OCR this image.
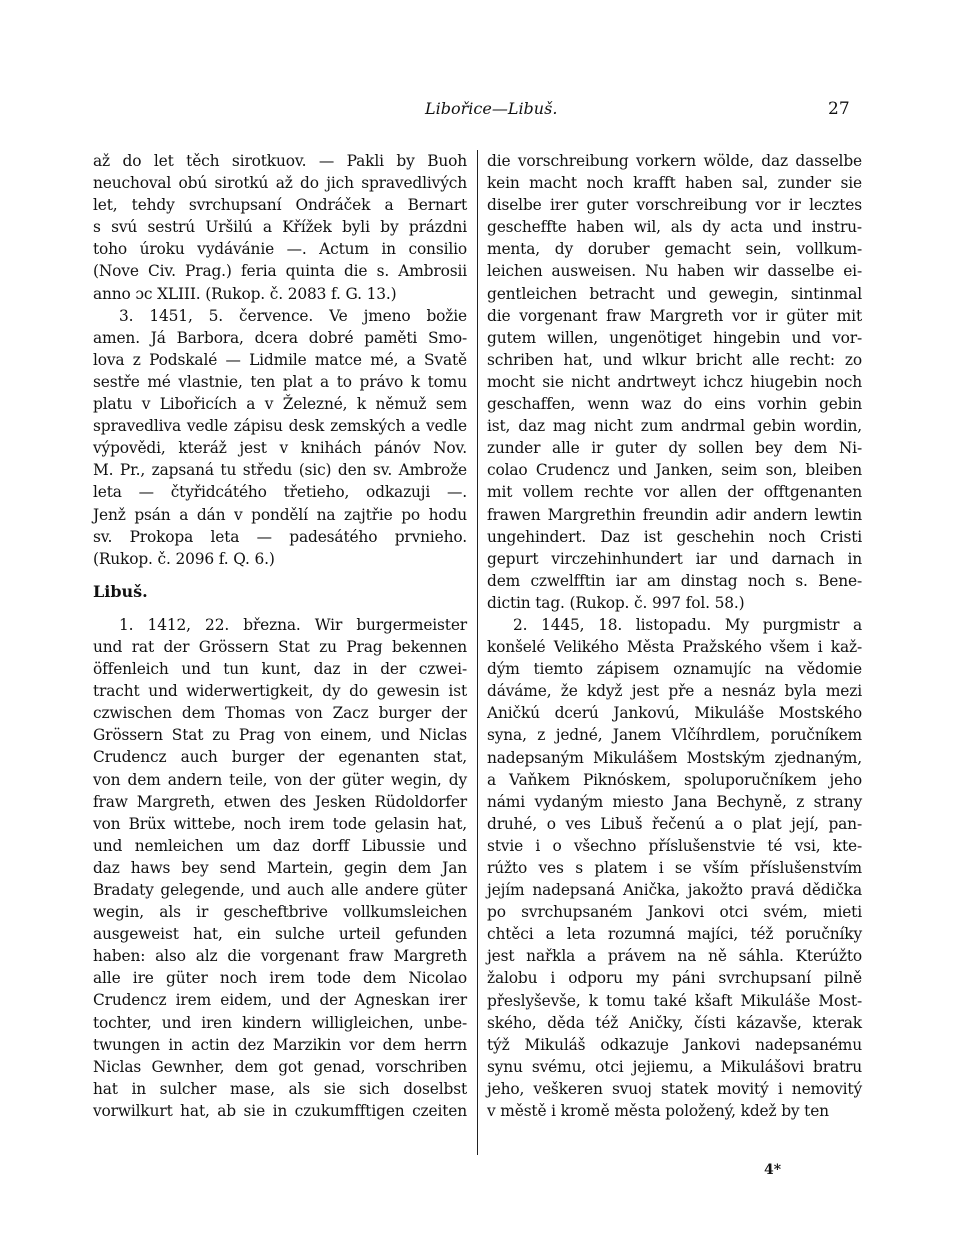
Libořice—Libuš.	27
až do let těch sirotkuov. — Pakli by Buoh
neuchoval obú sirotkú až do jich spravedlivých
let, tehdy svrchupsaní Ondráček a Bernart
s svú sestrú Uršilú a Křížek byli by prázdni
toho úroku vydávánie —. Actum in consilio
(Nove Civ. Prag.) feria quinta die s. Ambrosii
anno ɔc XLIII. (Rukop. č. 2083 f. G. 13.)
3. 1451, 5. července. Ve jmeno božie
amen. Já Barbora, dcera dobré paměti Smo-
lova z Podskalé — Lidmile matce mé, a Svatě
sestře mé vlastnie, ten plat a to právo k tomu
platu v Libořicích a v Železné, k němuž sem
spravedliva vedle zápisu desk zemských a vedle
výpovědi, kteráž jest v knihách pánóv Nov.
M. Pr., zapsaná tu středu (sic) den sv. Ambrože
leta — čtyřidcátého třetieho, odkazuji —.
Jenž psán a dán v pondělí na zajtřie po hodu
sv. Prokopa leta — padesátého prvnieho.
(Rukop. č. 2096 f. Q. 6.)
Libuš.
1. 1412, 22. března. Wir burgermeister
und rat der Grössern Stat zu Prag bekennen
öffenleich und tun kunt, daz in der czwei-
tracht und widerwertigkeit, dy do gewesin ist
czwischen dem Thomas von Zacz burger der
Grössern Stat zu Prag von einem, und Niclas
Crudencz auch burger der egenanten stat,
von dem andern teile, von der güter wegin, dy
fraw Margreth, etwen des Jesken Rüdoldorfer
von Brüx wittebe, noch irem tode gelasin hat,
und nemleichen um daz dorff Libussie und
daz haws bey send Martein, gegin dem Jan
Bradaty gelegende, und auch alle andere güter
wegin, als ir gescheftbrive vollkumsleichen
ausgeweist hat, ein sulche urteil gefunden
haben: also alz die vorgenant fraw Margreth
alle ire güter noch irem tode dem Nicolao
Crudencz irem eidem, und der Agneskan irer
tochter, und iren kindern willigleichen, unbe-
twungen in actin dez Marzikin vor dem herrn
Niclas Gewnher, dem got genad, vorschriben
hat in sulcher mase, als sie sich doselbst
vorwilkurt hat, ab sie in czukumfftigen czeiten
die vorschreibung vorkern wölde, daz dasselbe
kein macht noch krafft haben sal, zunder sie
diselbe irer guter vorschreibung vor ir lecztes
gescheffte haben wil, als dy acta und instru-
menta, dy doruber gemacht sein, vollkum-
leichen ausweisen. Nu haben wir dasselbe ei-
gentleichen betracht und gewegin, sintinmal
die vorgenant fraw Margreth vor ir güter mit
gutem willen, ungenötiget hingebin und vor-
schriben hat, und wlkur bricht alle recht: zo
mocht sie nicht andrtweyt ichcz hiugebin noch
geschaffen, wenn waz do eins vorhin gebin
ist, daz mag nicht zum andrmal gebin wordin,
zunder alle ir guter dy sollen bey dem Ni-
colao Crudencz und Janken, seim son, bleiben
mit vollem rechte vor allen der offtgenanten
frawen Margrethin freundin adir andern lewtin
ungehindert. Daz ist geschehin noch Cristi
gepurt virczehinhundert iar und darnach in
dem czwelfftin iar am dinstag noch s. Bene-
dictin tag. (Rukop. č. 997 fol. 58.)
2. 1445, 18. listopadu. My purgmistr a
konšelé Velikého Města Pražského všem i kaž-
dým tiemto zápisem oznamujíc na vědomie
dáváme, že když jest pře a nesnáz byla mezi
Aničkú dcerú Jankovú, Mikuláše Mostského
syna, z jedné, Janem Vlčíhrdlem, poručníkem
nadepsaným Mikulášem Mostským zjednaným,
a Vaňkem Piknóskem, spoluporučníkem jeho
námi vydaným miesto Jana Bechyně, z strany
druhé, o ves Libuš řečenú a o plat její, pan-
stvie i o všechno příslušenstvie té vsi, kte-
rúžto ves s platem i se vším příslušenstvím
jejím nadepsaná Anička, jakožto pravá dědička
po svrchupsaném Jankovi otci svém, mieti
chtěci a leta rozumná majíci, též poručníky
jest nařkla a právem na ně sáhla. Kterúžto
žalobu i odporu my páni svrchupsaní pilně
přeslyševše, k tomu také kšaft Mikuláše Most-
ského, děda též Aničky, čísti kázavše, kterak
týž Mikuláš odkazuje Jankovi nadepsanému
synu svému, otci jejiemu, a Mikulášovi bratru
jeho, veškeren svuoj statek movitý i nemovitý
v městě i kromě města položený, kdež by ten
4*
